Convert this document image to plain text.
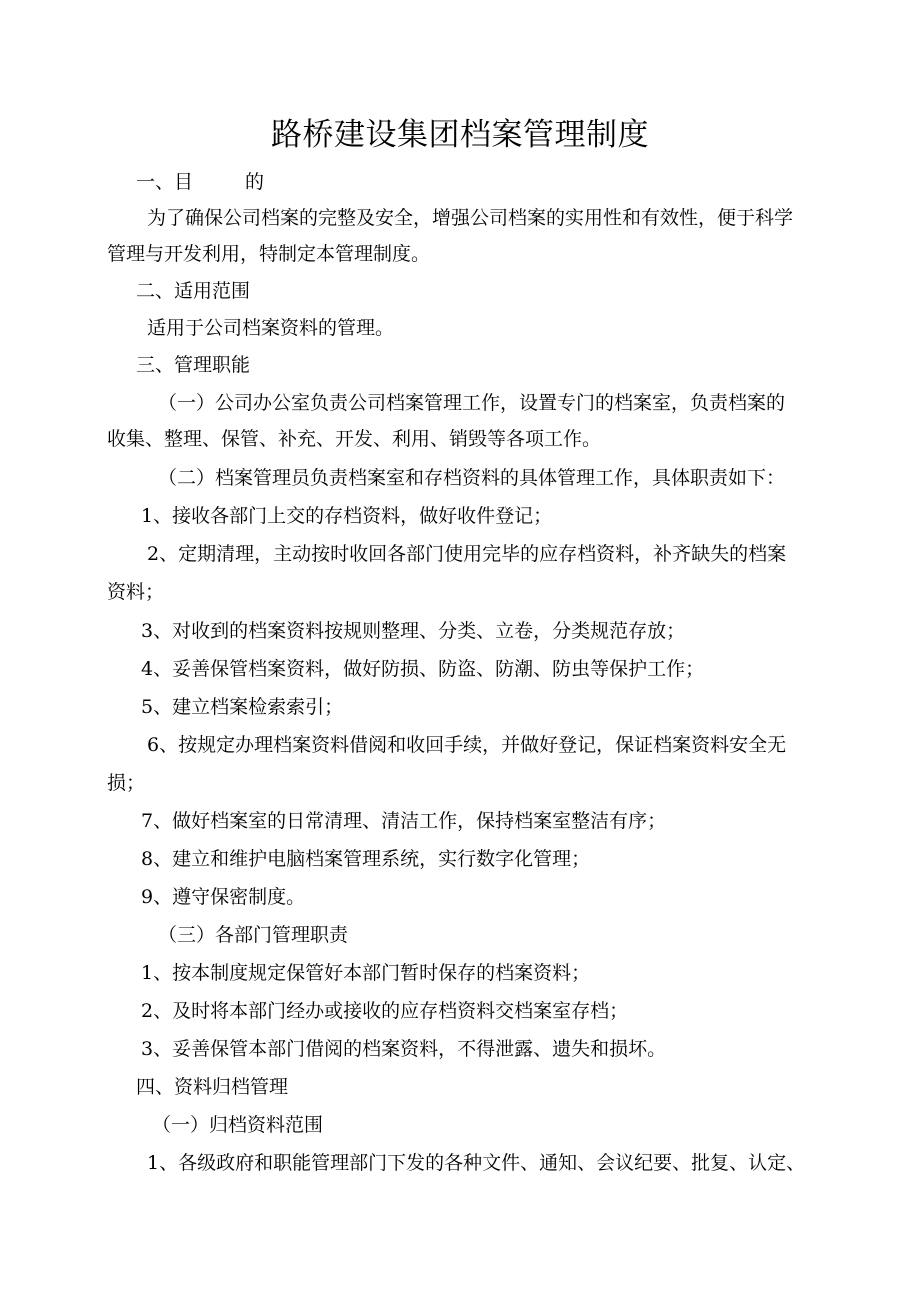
路桥建设集团档案管理制度
一、目	的
为了确保公司档案的完整及安全，增强公司档案的实用性和有效性，便于科学
管理与开发利用，特制定本管理制度。
二、适用范围
适用于公司档案资料的管理。
三、管理职能
（一）公司办公室负责公司档案管理工作，设置专门的档案室，负责档案的
收集、整理、保管、补充、开发、利用、销毁等各项工作。
（二）档案管理员负责档案室和存档资料的具体管理工作，具体职责如下：
1、接收各部门上交的存档资料，做好收件登记；
2、定期清理，主动按时收回各部门使用完毕的应存档资料，补齐缺失的档案
资料；
3、对收到的档案资料按规则整理、分类、立卷，分类规范存放；
4、妥善保管档案资料，做好防损、防盗、防潮、防虫等保护工作；
5、建立档案检索索引；
6、按规定办理档案资料借阅和收回手续，并做好登记，保证档案资料安全无
损；
7、做好档案室的日常清理、清洁工作，保持档案室整洁有序；
8、建立和维护电脑档案管理系统，实行数字化管理；
9、遵守保密制度。
（三）各部门管理职责
1、按本制度规定保管好本部门暂时保存的档案资料；
2、及时将本部门经办或接收的应存档资料交档案室存档；
3、妥善保管本部门借阅的档案资料，不得泄露、遗失和损坏。
四、资料归档管理
（一）归档资料范围
1、各级政府和职能管理部门下发的各种文件、通知、会议纪要、批复、认定、
